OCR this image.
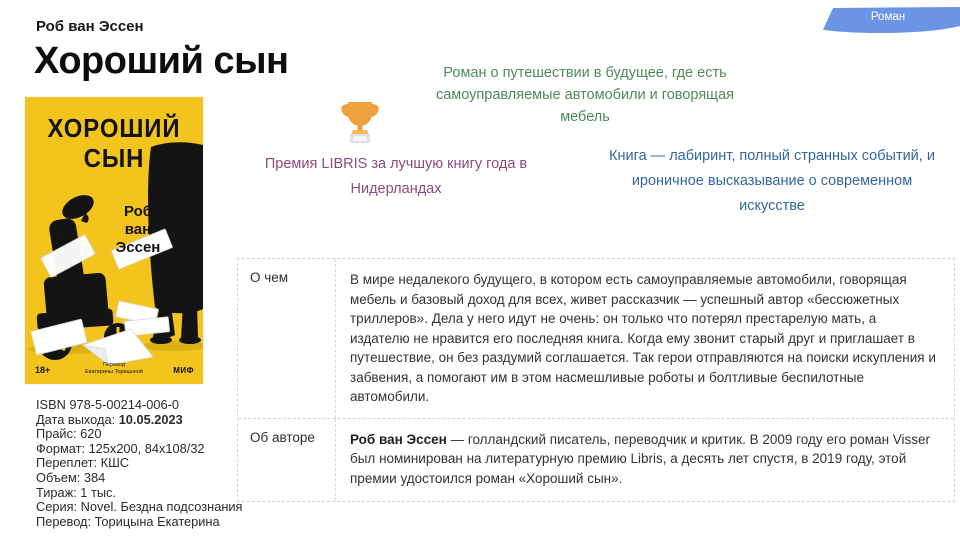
Роб ван Эссен
Хороший сын
Роман
ХОРОШИЙ
СЫН
Роб
ван
Эссен
18+	Перевод
Екатерины Торицыной	МИФ
Роман о путешествии в будущее, где есть самоуправляемые автомобили и говорящая мебель
Премия LIBRIS за лучшую книгу года в Нидерландах
Книга — лабиринт, полный странных событий, и ироничное высказывание о современном искусстве
О чем	В мире недалекого будущего, в котором есть самоуправляемые автомобили, говорящая мебель и базовый доход для всех, живет рассказчик — успешный автор «бессюжетных триллеров». Дела у него идут не очень: он только что потерял престарелую мать, а издателю не нравится его последняя книга. Когда ему звонит старый друг и приглашает в путешествие, он без раздумий соглашается. Так герои отправляются на поиски искупления и забвения, а помогают им в этом насмешливые роботы и болтливые беспилотные автомобили.
Об авторе	Роб ван Эссен — голландский писатель, переводчик и критик. В 2009 году его роман Visser был номинирован на литературную премию Libris, а десять лет спустя, в 2019 году, этой премии удостоился роман «Хороший сын».
ISBN 978-5-00214-006-0
Дата выхода: 10.05.2023
Прайс: 620
Формат: 125x200, 84x108/32
Переплет: КШС
Объем: 384
Тираж: 1 тыс.
Серия: Novel. Бездна подсознания
Перевод: Торицына Екатерина
